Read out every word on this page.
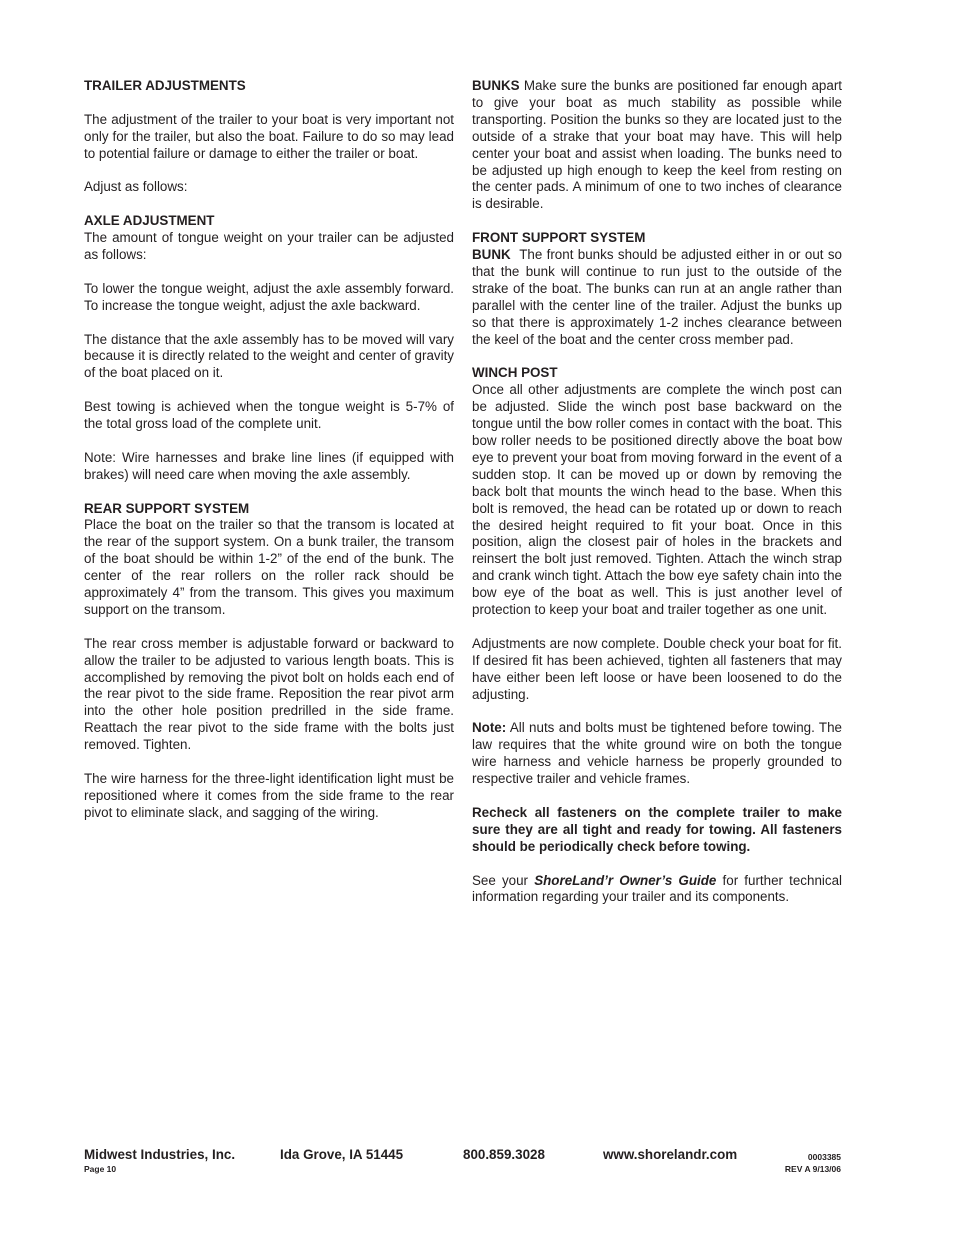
TRAILER ADJUSTMENTS

The adjustment of the trailer to your boat is very important not only for the trailer, but also the boat. Failure to do so may lead to potential failure or damage to either the trailer or boat.

Adjust as follows:

AXLE ADJUSTMENT

The amount of tongue weight on your trailer can be adjusted as follows:

To lower the tongue weight, adjust the axle assembly forward. To increase the tongue weight, adjust the axle backward.

The distance that the axle assembly has to be moved will vary because it is directly related to the weight and center of gravity of the boat placed on it.

Best towing is achieved when the tongue weight is 5-7% of the total gross load of the complete unit.

Note: Wire harnesses and brake line lines (if equipped with brakes) will need care when moving the axle assembly.

REAR SUPPORT SYSTEM

Place the boat on the trailer so that the transom is located at the rear of the support system. On a bunk trailer, the transom of the boat should be within 1-2” of the end of the bunk. The center of the rear rollers on the roller rack should be approximately 4” from the transom. This gives you maximum support on the transom.

The rear cross member is adjustable forward or backward to allow the trailer to be adjusted to various length boats. This is accomplished by removing the pivot bolt on holds each end of the rear pivot to the side frame. Reposition the rear pivot arm into the other hole position predrilled in the side frame. Reattach the rear pivot to the side frame with the bolts just removed. Tighten.

The wire harness for the three-light identification light must be repositioned where it comes from the side frame to the rear pivot to eliminate slack, and sagging of the wiring.

BUNKS Make sure the bunks are positioned far enough apart to give your boat as much stability as possible while transporting. Position the bunks so they are located just to the outside of a strake that your boat may have. This will help center your boat and assist when loading. The bunks need to be adjusted up high enough to keep the keel from resting on the center pads. A minimum of one to two inches of clearance is desirable.

FRONT SUPPORT SYSTEM

BUNK The front bunks should be adjusted either in or out so that the bunk will continue to run just to the outside of the strake of the boat. The bunks can run at an angle rather than parallel with the center line of the trailer. Adjust the bunks up so that there is approximately 1-2 inches clearance between the keel of the boat and the center cross member pad.

WINCH POST

Once all other adjustments are complete the winch post can be adjusted. Slide the winch post base backward on the tongue until the bow roller comes in contact with the boat. This bow roller needs to be positioned directly above the boat bow eye to prevent your boat from moving forward in the event of a sudden stop. It can be moved up or down by removing the back bolt that mounts the winch head to the base. When this bolt is removed, the head can be rotated up or down to reach the desired height required to fit your boat. Once in this position, align the closest pair of holes in the brackets and reinsert the bolt just removed. Tighten. Attach the winch strap and crank winch tight. Attach the bow eye safety chain into the bow eye of the boat as well. This is just another level of protection to keep your boat and trailer together as one unit.

Adjustments are now complete. Double check your boat for fit. If desired fit has been achieved, tighten all fasteners that may have either been left loose or have been loosened to do the adjusting.

Note: All nuts and bolts must be tightened before towing. The law requires that the white ground wire on both the tongue wire harness and vehicle harness be properly grounded to respective trailer and vehicle frames.

Recheck all fasteners on the complete trailer to make sure they are all tight and ready for towing. All fasteners should be periodically check before towing.

See your ShoreLand’r Owner’s Guide for further technical information regarding your trailer and its components.

Midwest Industries, Inc.	Ida Grove, IA 51445	800.859.3028	www.shorelandr.com	0003385
Page 10	REV A 9/13/06
